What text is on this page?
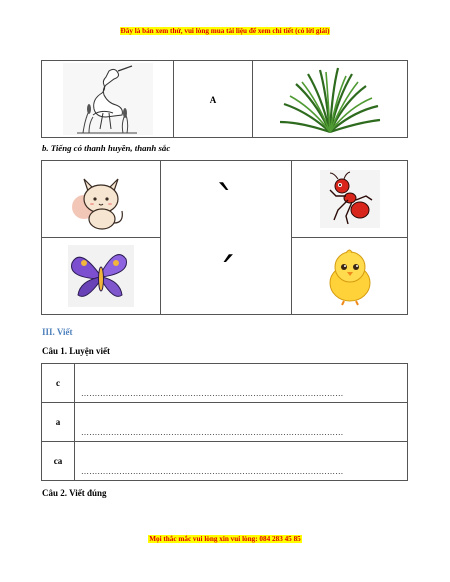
Đây là bản xem thử, vui lòng mua tài liệu để xem chi tiết (có lời giải)
	A	
b. Tiếng có thanh huyền, thanh sắc

`
´

III. Viết
Câu 1. Luyện viết
c	……………………………………………………………………………………
a	……………………………………………………………………………………
ca	……………………………………………………………………………………
Câu 2. Viết đúng
Mọi thắc mắc vui lòng xin vui lòng: 084 283 45 85
